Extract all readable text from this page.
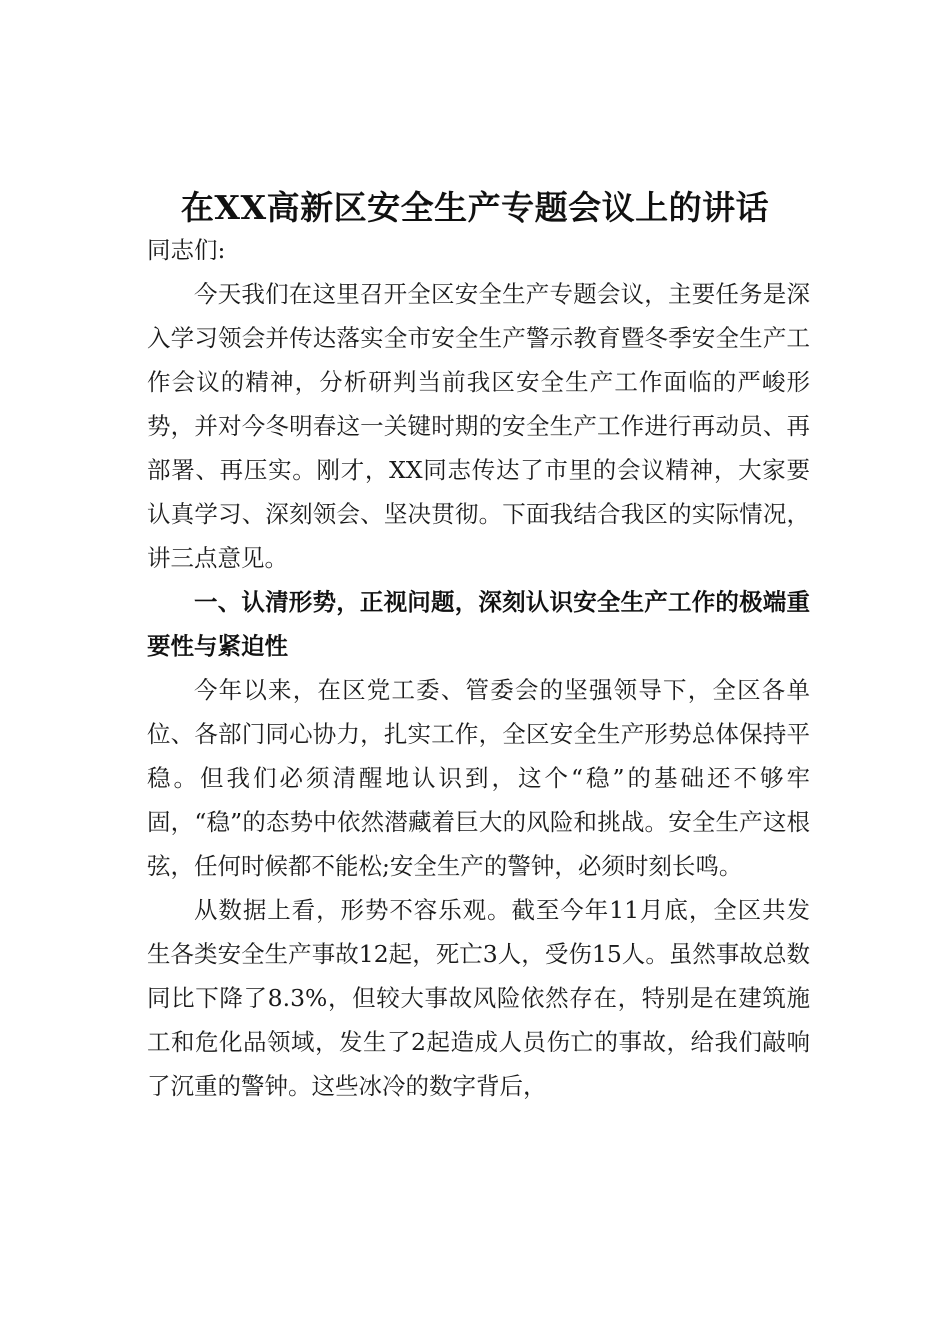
在XX高新区安全生产专题会议上的讲话

同志们:

今天我们在这里召开全区安全生产专题会议，主要任务是深入学习领会并传达落实全市安全生产警示教育暨冬季安全生产工作会议的精神，分析研判当前我区安全生产工作面临的严峻形势，并对今冬明春这一关键时期的安全生产工作进行再动员、再部署、再压实。刚才，XX同志传达了市里的会议精神，大家要认真学习、深刻领会、坚决贯彻。下面我结合我区的实际情况，讲三点意见。

一、认清形势，正视问题，深刻认识安全生产工作的极端重要性与紧迫性

今年以来，在区党工委、管委会的坚强领导下，全区各单位、各部门同心协力，扎实工作，全区安全生产形势总体保持平稳。但我们必须清醒地认识到，这个“稳”的基础还不够牢固，“稳”的态势中依然潜藏着巨大的风险和挑战。安全生产这根弦，任何时候都不能松;安全生产的警钟，必须时刻长鸣。

从数据上看，形势不容乐观。截至今年11月底，全区共发生各类安全生产事故12起，死亡3人，受伤15人。虽然事故总数同比下降了8.3%，但较大事故风险依然存在，特别是在建筑施工和危化品领域，发生了2起造成人员伤亡的事故，给我们敲响了沉重的警钟。这些冰冷的数字背后，
